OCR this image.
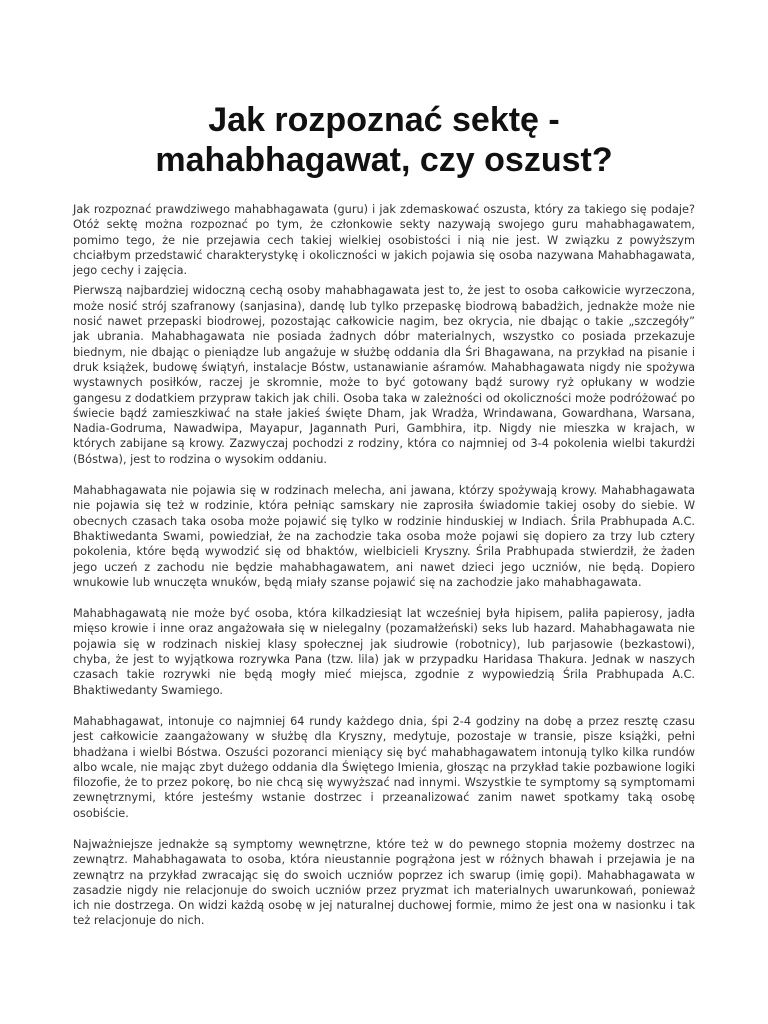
Jak rozpoznać sektę -
mahabhagawat, czy oszust?

Jak rozpoznać prawdziwego mahabhagawata (guru) i jak zdemaskować oszusta, który za takiego się podaje? Otóż sektę można rozpoznać po tym, że członkowie sekty nazywają swojego guru mahabhagawatem, pomimo tego, że nie przejawia cech takiej wielkiej osobistości i nią nie jest. W związku z powyższym chciałbym przedstawić charakterystykę i okoliczności w jakich pojawia się osoba nazywana Mahabhagawata, jego cechy i zajęcia.

Pierwszą najbardziej widoczną cechą osoby mahabhagawata jest to, że jest to osoba całkowicie wyrzeczona, może nosić strój szafranowy (sanjasina), dandę lub tylko przepaskę biodrową babadżich, jednakże może nie nosić nawet przepaski biodrowej, pozostając całkowicie nagim, bez okrycia, nie dbając o takie „szczegóły” jak ubrania. Mahabhagawata nie posiada żadnych dóbr materialnych, wszystko co posiada przekazuje biednym, nie dbając o pieniądze lub angażuje w służbę oddania dla Śri Bhagawana, na przykład na pisanie i druk książek, budowę świątyń, instalacje Bóstw, ustanawianie aśramów. Mahabhagawata nigdy nie spożywa wystawnych posiłków, raczej je skromnie, może to być gotowany bądź surowy ryż opłukany w wodzie gangesu z dodatkiem przypraw takich jak chili. Osoba taka w zależności od okoliczności może podróżować po świecie bądź zamieszkiwać na stałe jakieś święte Dham, jak Wradża, Wrindawana, Gowardhana, Warsana, Nadia-Godruma, Nawadwipa, Mayapur, Jagannath Puri, Gambhira, itp. Nigdy nie mieszka w krajach, w których zabijane są krowy. Zazwyczaj pochodzi z rodziny, która co najmniej od 3-4 pokolenia wielbi takurdżi (Bóstwa), jest to rodzina o wysokim oddaniu.

Mahabhagawata nie pojawia się w rodzinach melecha, ani jawana, którzy spożywają krowy. Mahabhagawata nie pojawia się też w rodzinie, która pełniąc samskary nie zaprosiła świadomie takiej osoby do siebie. W obecnych czasach taka osoba może pojawić się tylko w rodzinie hinduskiej w Indiach. Śrila Prabhupada A.C. Bhaktiwedanta Swami, powiedział, że na zachodzie taka osoba może pojawi się dopiero za trzy lub cztery pokolenia, które będą wywodzić się od bhaktów, wielbicieli Kryszny. Śrila Prabhupada stwierdził, że żaden jego uczeń z zachodu nie będzie mahabhagawatem, ani nawet dzieci jego uczniów, nie będą. Dopiero wnukowie lub wnuczęta wnuków, będą miały szanse pojawić się na zachodzie jako mahabhagawata.

Mahabhagawatą nie może być osoba, która kilkadziesiąt lat wcześniej była hipisem, paliła papierosy, jadła mięso krowie i inne oraz angażowała się w nielegalny (pozamałżeński) seks lub hazard. Mahabhagawata nie pojawia się w rodzinach niskiej klasy społecznej jak siudrowie (robotnicy), lub parjasowie (bezkastowi), chyba, że jest to wyjątkowa rozrywka Pana (tzw. lila) jak w przypadku Haridasa Thakura. Jednak w naszych czasach takie rozrywki nie będą mogły mieć miejsca, zgodnie z wypowiedzią Śrila Prabhupada A.C. Bhaktiwedanty Swamiego.

Mahabhagawat, intonuje co najmniej 64 rundy każdego dnia, śpi 2-4 godziny na dobę a przez resztę czasu jest całkowicie zaangażowany w służbę dla Kryszny, medytuje, pozostaje w transie, pisze książki, pełni bhadżana i wielbi Bóstwa. Oszuści pozoranci mieniący się być mahabhagawatem intonują tylko kilka rundów albo wcale, nie mając zbyt dużego oddania dla Świętego Imienia, głosząc na przykład takie pozbawione logiki filozofie, że to przez pokorę, bo nie chcą się wywyższać nad innymi. Wszystkie te symptomy są symptomami zewnętrznymi, które jesteśmy wstanie dostrzec i przeanalizować zanim nawet spotkamy taką osobę osobiście.

Najważniejsze jednakże są symptomy wewnętrzne, które też w do pewnego stopnia możemy dostrzec na zewnątrz. Mahabhagawata to osoba, która nieustannie pogrążona jest w różnych bhawah i przejawia je na zewnątrz na przykład zwracając się do swoich uczniów poprzez ich swarup (imię gopi). Mahabhagawata w zasadzie nigdy nie relacjonuje do swoich uczniów przez pryzmat ich materialnych uwarunkowań, ponieważ ich nie dostrzega. On widzi każdą osobę w jej naturalnej duchowej formie, mimo że jest ona w nasionku i tak też relacjonuje do nich.
